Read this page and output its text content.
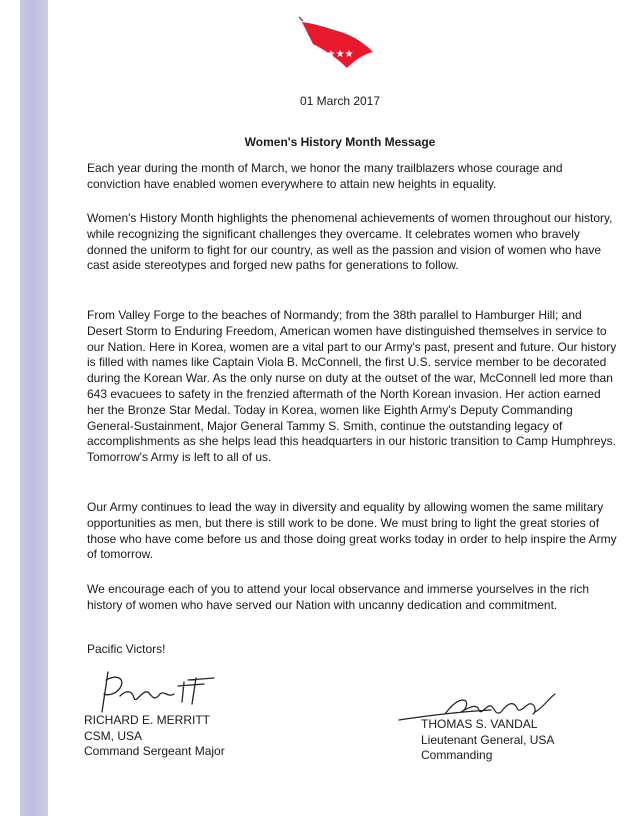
★★★
01 March 2017
Women's History Month Message

Each year during the month of March, we honor the many trailblazers whose courage and conviction have enabled women everywhere to attain new heights in equality.

Women's History Month highlights the phenomenal achievements of women throughout our history, while recognizing the significant challenges they overcame. It celebrates women who bravely donned the uniform to fight for our country, as well as the passion and vision of women who have cast aside stereotypes and forged new paths for generations to follow.

From Valley Forge to the beaches of Normandy; from the 38th parallel to Hamburger Hill; and Desert Storm to Enduring Freedom, American women have distinguished themselves in service to our Nation. Here in Korea, women are a vital part to our Army's past, present and future. Our history is filled with names like Captain Viola B. McConnell, the first U.S. service member to be decorated during the Korean War. As the only nurse on duty at the outset of the war, McConnell led more than 643 evacuees to safety in the frenzied aftermath of the North Korean invasion. Her action earned her the Bronze Star Medal. Today in Korea, women like Eighth Army's Deputy Commanding General-Sustainment, Major General Tammy S. Smith, continue the outstanding legacy of accomplishments as she helps lead this headquarters in our historic transition to Camp Humphreys. Tomorrow's Army is left to all of us.

Our Army continues to lead the way in diversity and equality by allowing women the same military opportunities as men, but there is still work to be done. We must bring to light the great stories of those who have come before us and those doing great works today in order to help inspire the Army of tomorrow.

We encourage each of you to attend your local observance and immerse yourselves in the rich history of women who have served our Nation with uncanny dedication and commitment.

Pacific Victors!

RICHARD E. MERRITT
CSM, USA
Command Sergeant Major
THOMAS S. VANDAL
Lieutenant General, USA
Commanding
